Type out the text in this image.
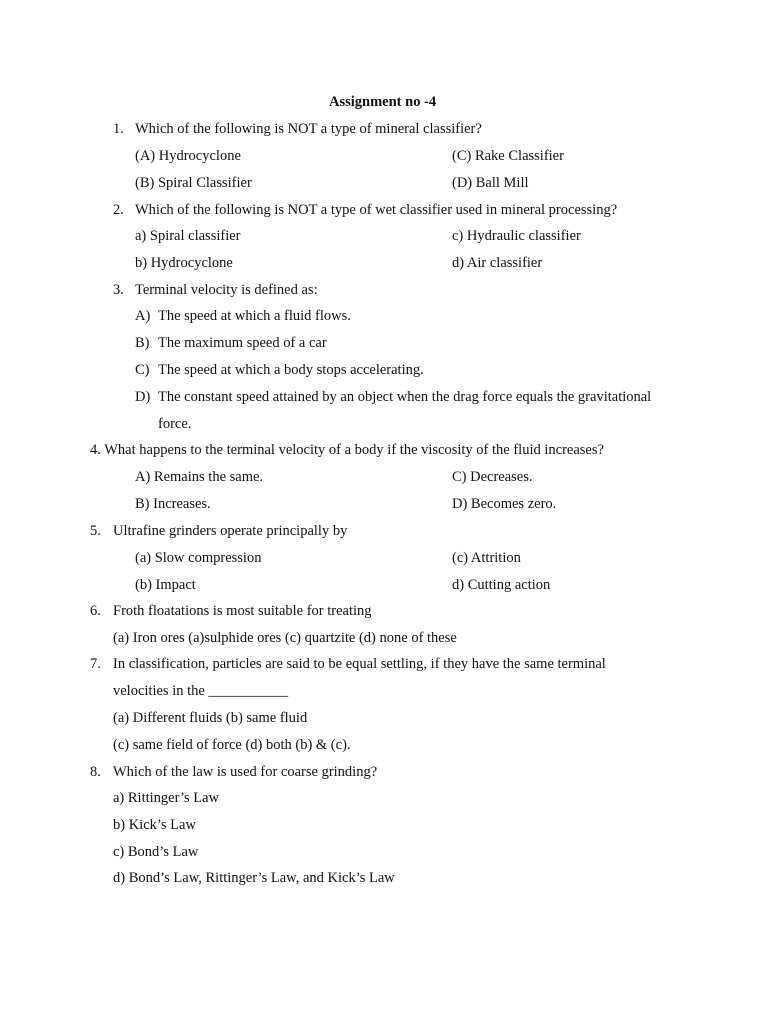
Assignment no -4
1. Which of the following is NOT a type of mineral classifier?
(A) Hydrocyclone	(C) Rake Classifier
(B) Spiral Classifier	(D) Ball Mill
2. Which of the following is NOT a type of wet classifier used in mineral processing?
a) Spiral classifier	c) Hydraulic classifier
b) Hydrocyclone	d) Air classifier
3. Terminal velocity is defined as:
A) The speed at which a fluid flows.
B) The maximum speed of a car
C) The speed at which a body stops accelerating.
D) The constant speed attained by an object when the drag force equals the gravitational
force.
4. What happens to the terminal velocity of a body if the viscosity of the fluid increases?
A) Remains the same.	C) Decreases.
B) Increases.	D) Becomes zero.
5. Ultrafine grinders operate principally by
(a) Slow compression	(c) Attrition
(b) Impact	d) Cutting action
6. Froth floatations is most suitable for treating
(a) Iron ores (a)sulphide ores (c) quartzite (d) none of these
7. In classification, particles are said to be equal settling, if they have the same terminal
velocities in the ___________
(a) Different fluids (b) same fluid
(c) same field of force (d) both (b) & (c).
8. Which of the law is used for coarse grinding?
a) Rittinger’s Law
b) Kick’s Law
c) Bond’s Law
d) Bond’s Law, Rittinger’s Law, and Kick’s Law
